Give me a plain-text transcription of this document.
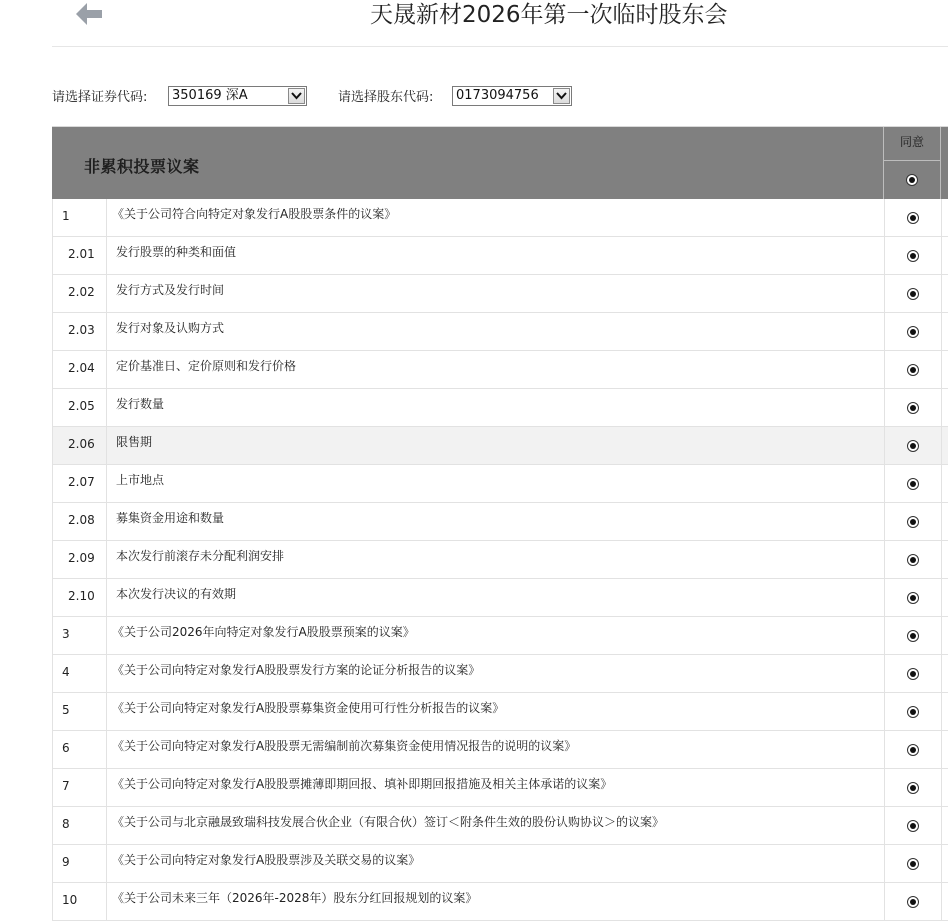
天晟新材2026年第一次临时股东会
请选择证券代码: 350169 深A	请选择股东代码: 0173094756
非累积投票议案
同意
1	《关于公司符合向特定对象发行A股股票条件的议案》
2.01	发行股票的种类和面值
2.02	发行方式及发行时间
2.03	发行对象及认购方式
2.04	定价基准日、定价原则和发行价格
2.05	发行数量
2.06	限售期
2.07	上市地点
2.08	募集资金用途和数量
2.09	本次发行前滚存未分配利润安排
2.10	本次发行决议的有效期
3	《关于公司2026年向特定对象发行A股股票预案的议案》
4	《关于公司向特定对象发行A股股票发行方案的论证分析报告的议案》
5	《关于公司向特定对象发行A股股票募集资金使用可行性分析报告的议案》
6	《关于公司向特定对象发行A股股票无需编制前次募集资金使用情况报告的说明的议案》
7	《关于公司向特定对象发行A股股票摊薄即期回报、填补即期回报措施及相关主体承诺的议案》
8	《关于公司与北京融晟致瑞科技发展合伙企业（有限合伙）签订＜附条件生效的股份认购协议＞的议案》
9	《关于公司向特定对象发行A股股票涉及关联交易的议案》
10	《关于公司未来三年（2026年-2028年）股东分红回报规划的议案》
